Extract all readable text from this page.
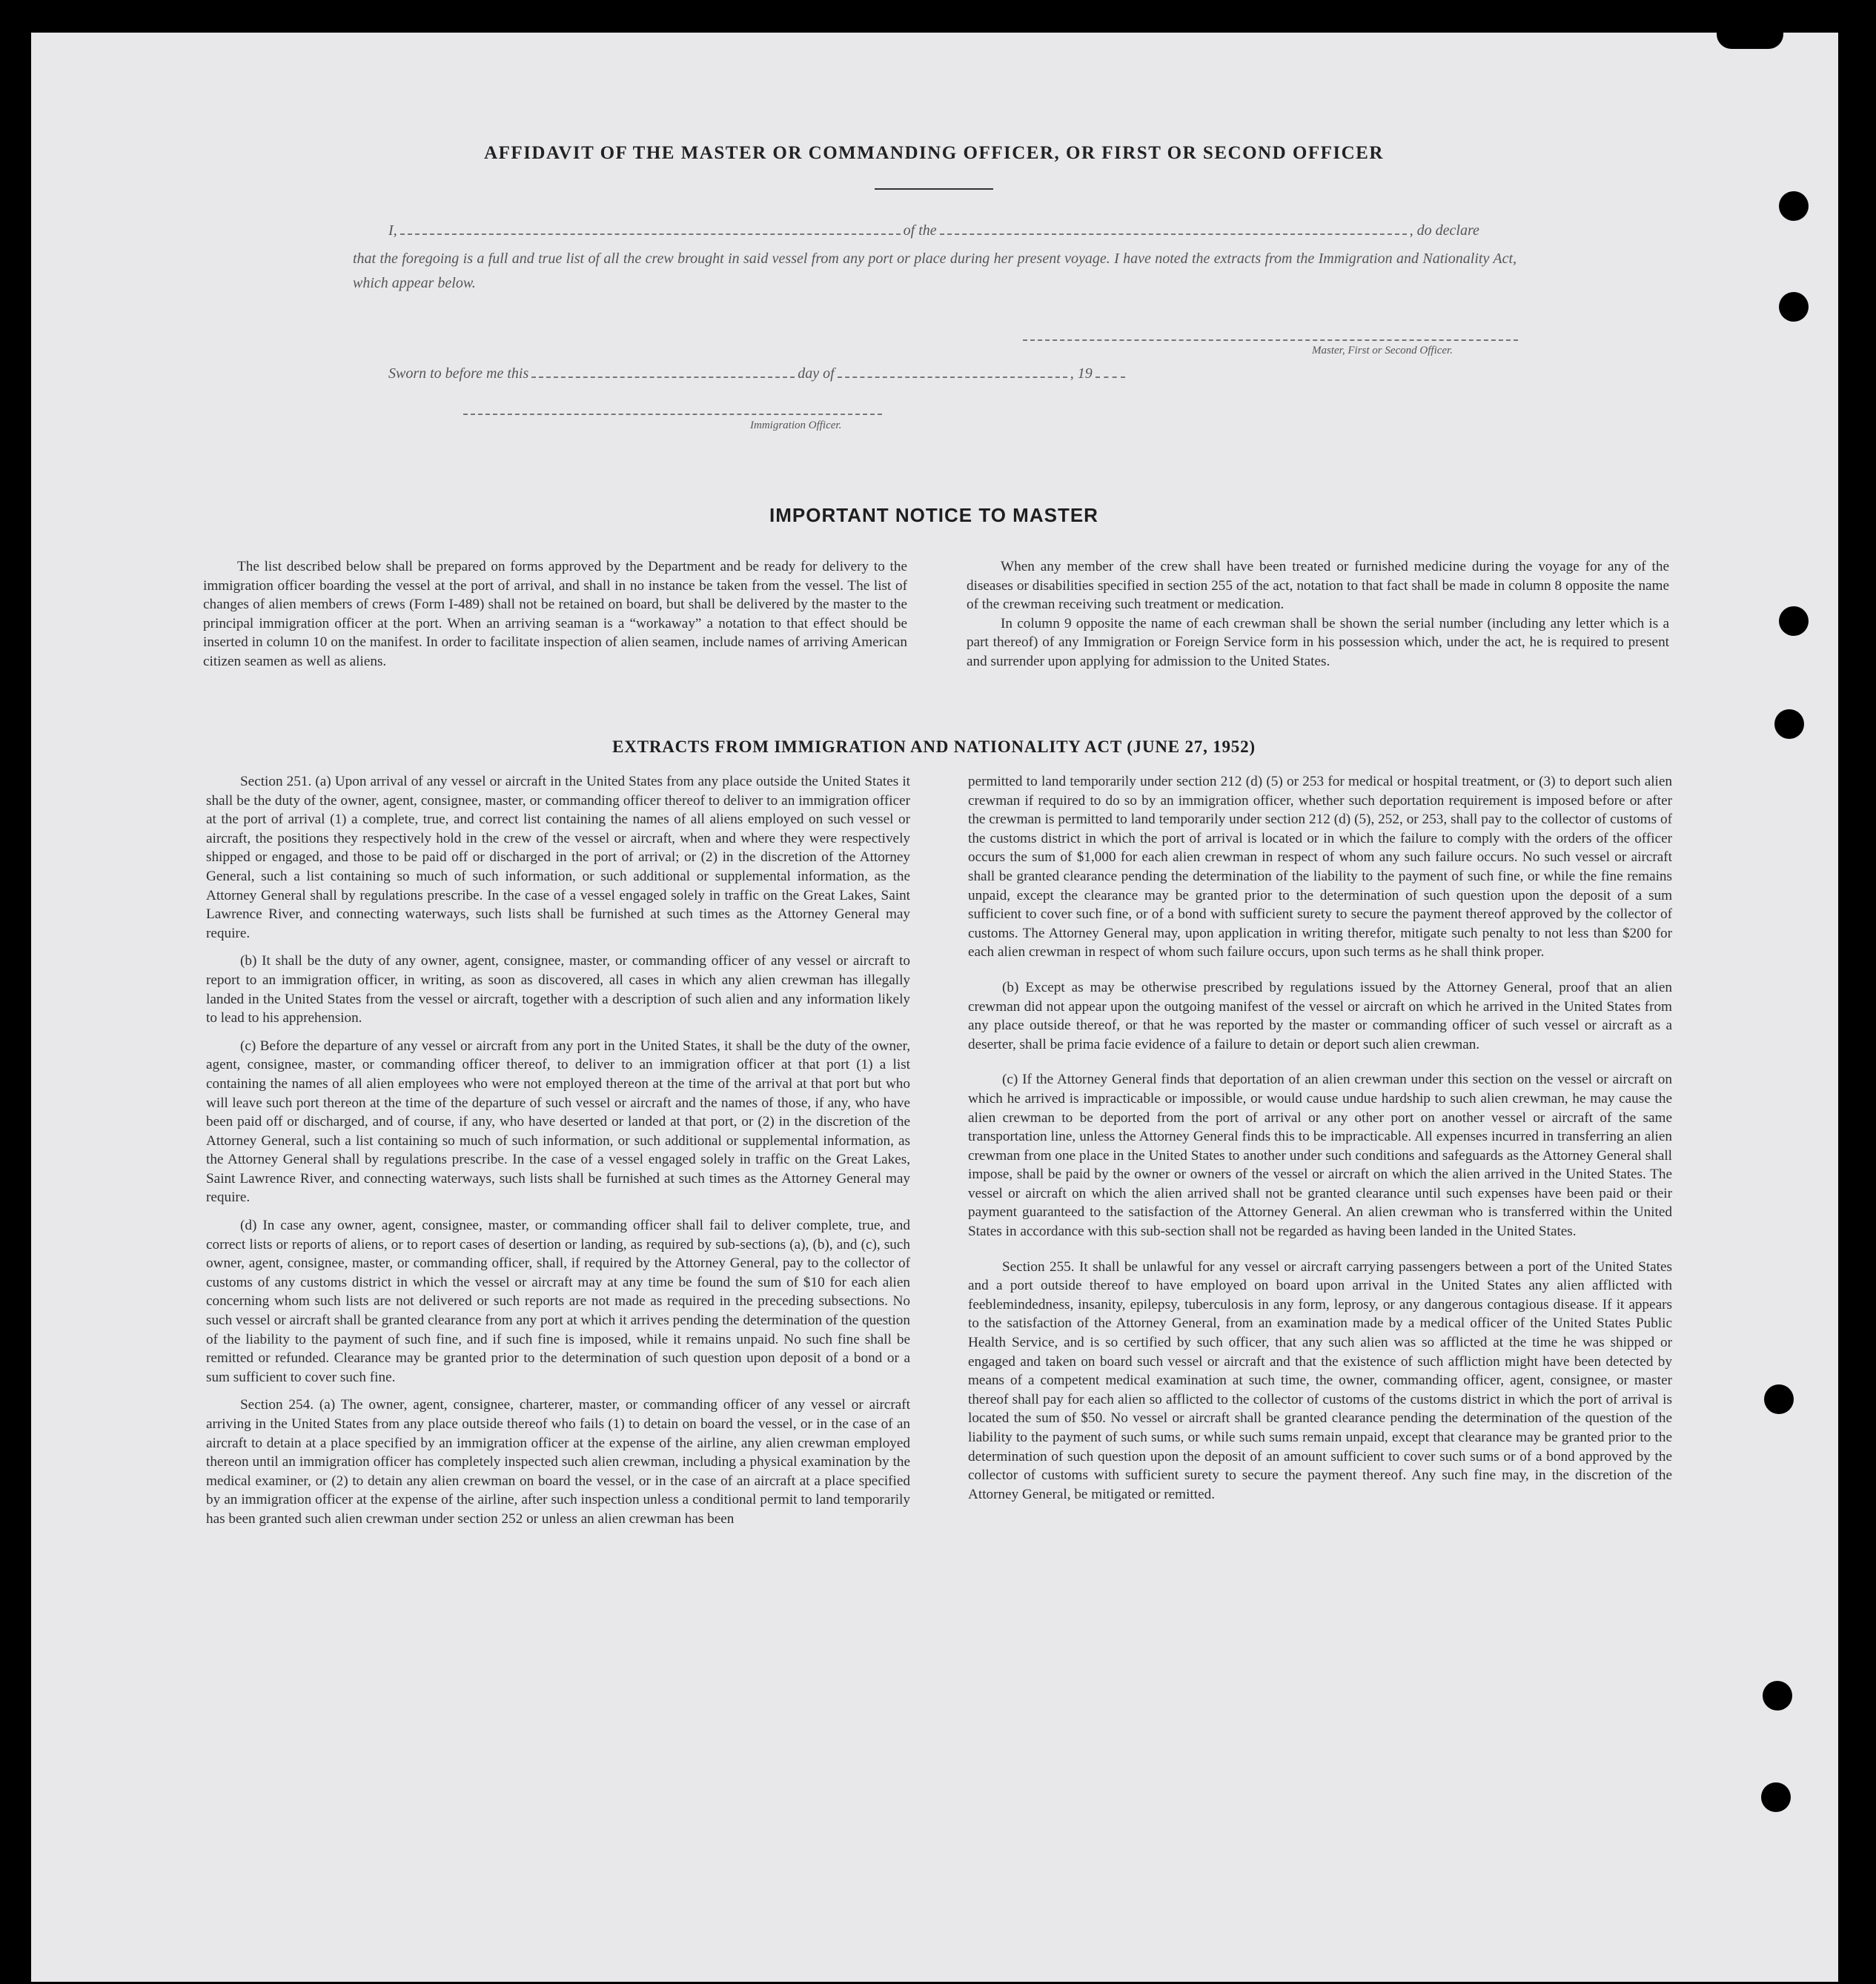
AFFIDAVIT OF THE MASTER OR COMMANDING OFFICER, OR FIRST OR SECOND OFFICER
I,	of the	, do declare
that the foregoing is a full and true list of all the crew brought in said vessel from any port or place during her present voyage. I have noted the extracts from the Immigration and Nationality Act, which appear below.
Master, First or Second Officer.
Sworn to before me this	day of	, 19
Immigration Officer.
IMPORTANT NOTICE TO MASTER

The list described below shall be prepared on forms approved by the Department and be ready for delivery to the immigration officer boarding the vessel at the port of arrival, and shall in no instance be taken from the vessel. The list of changes of alien members of crews (Form I-489) shall not be retained on board, but shall be delivered by the master to the principal immigration officer at the port. When an arriving seaman is a “workaway” a notation to that effect should be inserted in column 10 on the manifest. In order to facilitate inspection of alien seamen, include names of arriving American citizen seamen as well as aliens.

When any member of the crew shall have been treated or furnished medicine during the voyage for any of the diseases or disabilities specified in section 255 of the act, notation to that fact shall be made in column 8 opposite the name of the crewman receiving such treatment or medication.

In column 9 opposite the name of each crewman shall be shown the serial number (including any letter which is a part thereof) of any Immigration or Foreign Service form in his possession which, under the act, he is required to present and surrender upon applying for admission to the United States.

EXTRACTS FROM IMMIGRATION AND NATIONALITY ACT (JUNE 27, 1952)

Section 251. (a) Upon arrival of any vessel or aircraft in the United States from any place outside the United States it shall be the duty of the owner, agent, consignee, master, or commanding officer thereof to deliver to an immigration officer at the port of arrival (1) a complete, true, and correct list containing the names of all aliens employed on such vessel or aircraft, the positions they respectively hold in the crew of the vessel or aircraft, when and where they were respectively shipped or engaged, and those to be paid off or discharged in the port of arrival; or (2) in the discretion of the Attorney General, such a list containing so much of such information, or such additional or supplemental information, as the Attorney General shall by regulations prescribe. In the case of a vessel engaged solely in traffic on the Great Lakes, Saint Lawrence River, and connecting waterways, such lists shall be furnished at such times as the Attorney General may require.

(b) It shall be the duty of any owner, agent, consignee, master, or commanding officer of any vessel or aircraft to report to an immigration officer, in writing, as soon as discovered, all cases in which any alien crewman has illegally landed in the United States from the vessel or aircraft, together with a description of such alien and any information likely to lead to his apprehension.

(c) Before the departure of any vessel or aircraft from any port in the United States, it shall be the duty of the owner, agent, consignee, master, or commanding officer thereof, to deliver to an immigration officer at that port (1) a list containing the names of all alien employees who were not employed thereon at the time of the arrival at that port but who will leave such port thereon at the time of the departure of such vessel or aircraft and the names of those, if any, who have been paid off or discharged, and of course, if any, who have deserted or landed at that port, or (2) in the discretion of the Attorney General, such a list containing so much of such information, or such additional or supplemental information, as the Attorney General shall by regulations prescribe. In the case of a vessel engaged solely in traffic on the Great Lakes, Saint Lawrence River, and connecting waterways, such lists shall be furnished at such times as the Attorney General may require.

(d) In case any owner, agent, consignee, master, or commanding officer shall fail to deliver complete, true, and correct lists or reports of aliens, or to report cases of desertion or landing, as required by sub-sections (a), (b), and (c), such owner, agent, consignee, master, or commanding officer, shall, if required by the Attorney General, pay to the collector of customs of any customs district in which the vessel or aircraft may at any time be found the sum of $10 for each alien concerning whom such lists are not delivered or such reports are not made as required in the preceding subsections. No such vessel or aircraft shall be granted clearance from any port at which it arrives pending the determination of the question of the liability to the payment of such fine, and if such fine is imposed, while it remains unpaid. No such fine shall be remitted or refunded. Clearance may be granted prior to the determination of such question upon deposit of a bond or a sum sufficient to cover such fine.

Section 254. (a) The owner, agent, consignee, charterer, master, or commanding officer of any vessel or aircraft arriving in the United States from any place outside thereof who fails (1) to detain on board the vessel, or in the case of an aircraft to detain at a place specified by an immigration officer at the expense of the airline, any alien crewman employed thereon until an immigration officer has completely inspected such alien crewman, including a physical examination by the medical examiner, or (2) to detain any alien crewman on board the vessel, or in the case of an aircraft at a place specified by an immigration officer at the expense of the airline, after such inspection unless a conditional permit to land temporarily has been granted such alien crewman under section 252 or unless an alien crewman has been

permitted to land temporarily under section 212 (d) (5) or 253 for medical or hospital treatment, or (3) to deport such alien crewman if required to do so by an immigration officer, whether such deportation requirement is imposed before or after the crewman is permitted to land temporarily under section 212 (d) (5), 252, or 253, shall pay to the collector of customs of the customs district in which the port of arrival is located or in which the failure to comply with the orders of the officer occurs the sum of $1,000 for each alien crewman in respect of whom any such failure occurs. No such vessel or aircraft shall be granted clearance pending the determination of the liability to the payment of such fine, or while the fine remains unpaid, except the clearance may be granted prior to the determination of such question upon the deposit of a sum sufficient to cover such fine, or of a bond with sufficient surety to secure the payment thereof approved by the collector of customs. The Attorney General may, upon application in writing therefor, mitigate such penalty to not less than $200 for each alien crewman in respect of whom such failure occurs, upon such terms as he shall think proper.

(b) Except as may be otherwise prescribed by regulations issued by the Attorney General, proof that an alien crewman did not appear upon the outgoing manifest of the vessel or aircraft on which he arrived in the United States from any place outside thereof, or that he was reported by the master or commanding officer of such vessel or aircraft as a deserter, shall be prima facie evidence of a failure to detain or deport such alien crewman.

(c) If the Attorney General finds that deportation of an alien crewman under this section on the vessel or aircraft on which he arrived is impracticable or impossible, or would cause undue hardship to such alien crewman, he may cause the alien crewman to be deported from the port of arrival or any other port on another vessel or aircraft of the same transportation line, unless the Attorney General finds this to be impracticable. All expenses incurred in transferring an alien crewman from one place in the United States to another under such conditions and safeguards as the Attorney General shall impose, shall be paid by the owner or owners of the vessel or aircraft on which the alien arrived in the United States. The vessel or aircraft on which the alien arrived shall not be granted clearance until such expenses have been paid or their payment guaranteed to the satisfaction of the Attorney General. An alien crewman who is transferred within the United States in accordance with this sub-section shall not be regarded as having been landed in the United States.

Section 255. It shall be unlawful for any vessel or aircraft carrying passengers between a port of the United States and a port outside thereof to have employed on board upon arrival in the United States any alien afflicted with feeblemindedness, insanity, epilepsy, tuberculosis in any form, leprosy, or any dangerous contagious disease. If it appears to the satisfaction of the Attorney General, from an examination made by a medical officer of the United States Public Health Service, and is so certified by such officer, that any such alien was so afflicted at the time he was shipped or engaged and taken on board such vessel or aircraft and that the existence of such affliction might have been detected by means of a competent medical examination at such time, the owner, commanding officer, agent, consignee, or master thereof shall pay for each alien so afflicted to the collector of customs of the customs district in which the port of arrival is located the sum of $50. No vessel or aircraft shall be granted clearance pending the determination of the question of the liability to the payment of such sums, or while such sums remain unpaid, except that clearance may be granted prior to the determination of such question upon the deposit of an amount sufficient to cover such sums or of a bond approved by the collector of customs with sufficient surety to secure the payment thereof. Any such fine may, in the discretion of the Attorney General, be mitigated or remitted.
